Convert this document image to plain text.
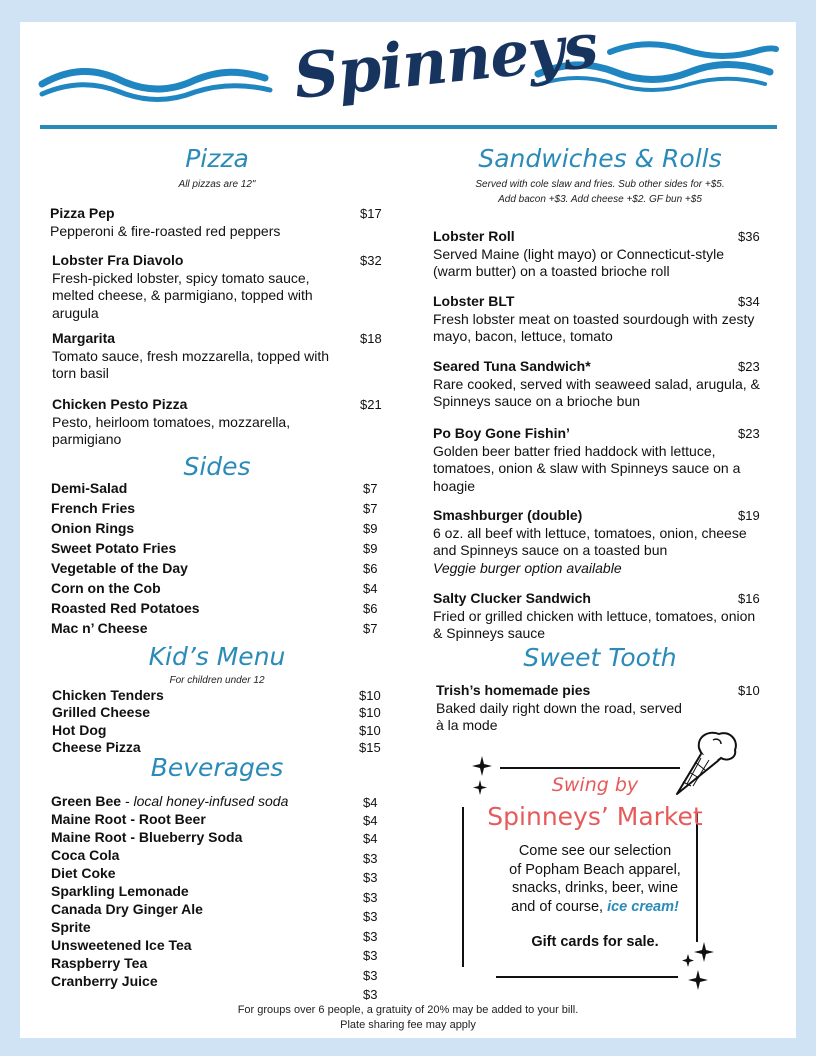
Spinneys
Pizza
All pizzas are 12"
Pizza Pep
Pepperoni & fire-roasted red peppers
$17
Lobster Fra Diavolo
Fresh-picked lobster, spicy tomato sauce, melted cheese, & parmigiano, topped with arugula
$32
Margarita
Tomato sauce, fresh mozzarella, topped with torn basil
$18
Chicken Pesto Pizza
Pesto, heirloom tomatoes, mozzarella, parmigiano
$21
Sides
Demi-Salad	$7
French Fries	$7
Onion Rings	$9
Sweet Potato Fries	$9
Vegetable of the Day	$6
Corn on the Cob	$4
Roasted Red Potatoes	$6
Mac n’ Cheese	$7
Kid’s Menu
For children under 12
Chicken Tenders	$10
Grilled Cheese	$10
Hot Dog	$10
Cheese Pizza	$15
Beverages
Green Bee - local honey-infused soda	$4
Maine Root - Root Beer	$4
Maine Root - Blueberry Soda	$4
Coca Cola	$3
Diet Coke	$3
Sparkling Lemonade	$3
Canada Dry Ginger Ale	$3
Sprite
$3
Unsweetened Ice Tea
$3
Raspberry Tea
$3
Cranberry Juice
$3
Sandwiches & Rolls
Served with cole slaw and fries. Sub other sides for +$5.
Add bacon +$3. Add cheese +$2. GF bun +$5
Lobster Roll
Served Maine (light mayo) or Connecticut-style (warm butter) on a toasted brioche roll
$36
Lobster BLT
Fresh lobster meat on toasted sourdough with zesty mayo, bacon, lettuce, tomato
$34
Seared Tuna Sandwich*
Rare cooked, served with seaweed salad, arugula, & Spinneys sauce on a brioche bun
$23
Po Boy Gone Fishin’
Golden beer batter fried haddock with lettuce, tomatoes, onion & slaw with Spinneys sauce on a hoagie
$23
Smashburger (double)
6 oz. all beef with lettuce, tomatoes, onion, cheese and Spinneys sauce on a toasted bun
Veggie burger option available
$19
Salty Clucker Sandwich
Fried or grilled chicken with lettuce, tomatoes, onion & Spinneys sauce
$16
Sweet Tooth
Trish’s homemade pies
Baked daily right down the road, served à la mode
$10
Swing by
Spinneys’ Market
Come see our selection
of Popham Beach apparel,
snacks, drinks, beer, wine
and of course, ice cream!
Gift cards for sale.
For groups over 6 people, a gratuity of 20% may be added to your bill.
Plate sharing fee may apply
